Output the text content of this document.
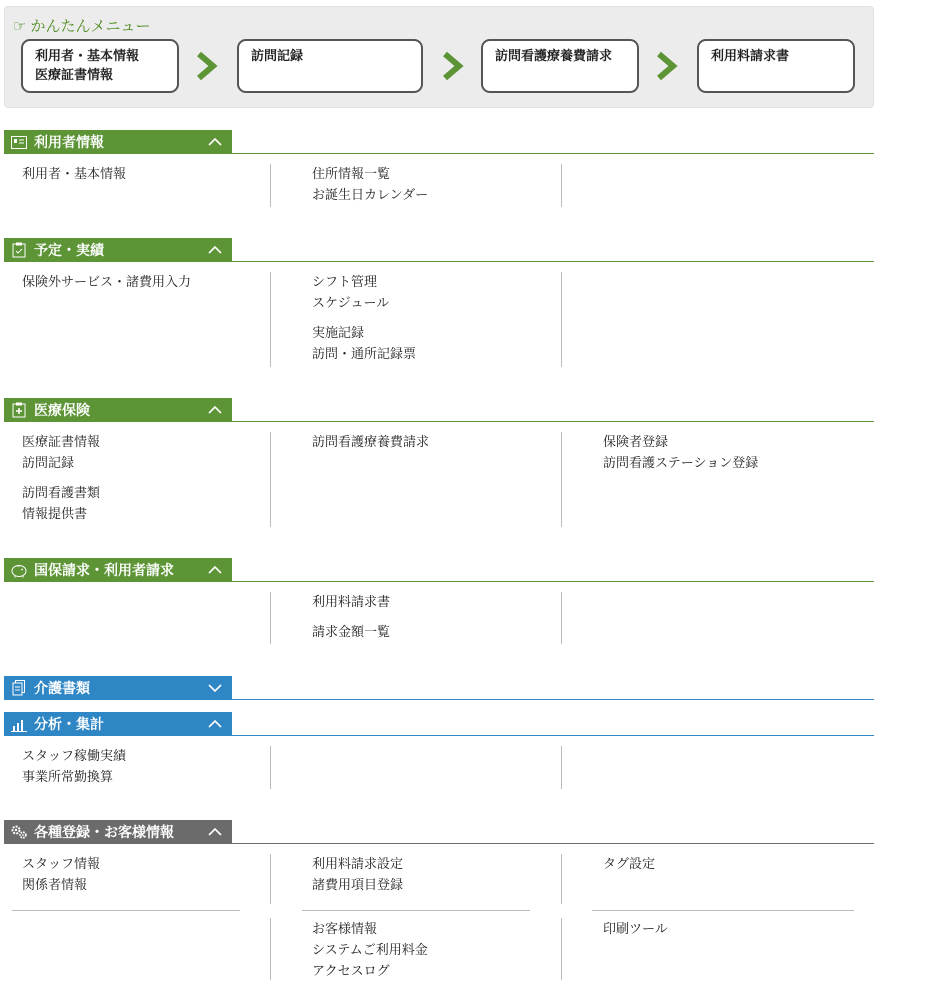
☞ かんたんメニュー
利用者・基本情報
医療証書情報
訪問記録	訪問看護療養費請求	利用料請求書
利用者情報
利用者・基本情報	住所情報一覧
お誕生日カレンダー
予定・実績
保険外サービス・諸費用入力	シフト管理
スケジュール
実施記録
訪問・通所記録票
医療保険
医療証書情報
訪問記録
訪問看護書類
情報提供書
訪問看護療養費請求	保険者登録
訪問看護ステーション登録
国保請求・利用者請求
利用料請求書
請求金額一覧
介護書類
分析・集計
スタッフ稼働実績
事業所常勤換算
各種登録・お客様情報
スタッフ情報
関係者情報
利用料請求設定
諸費用項目登録
タグ設定
お客様情報
システムご利用料金
アクセスログ
印刷ツール
